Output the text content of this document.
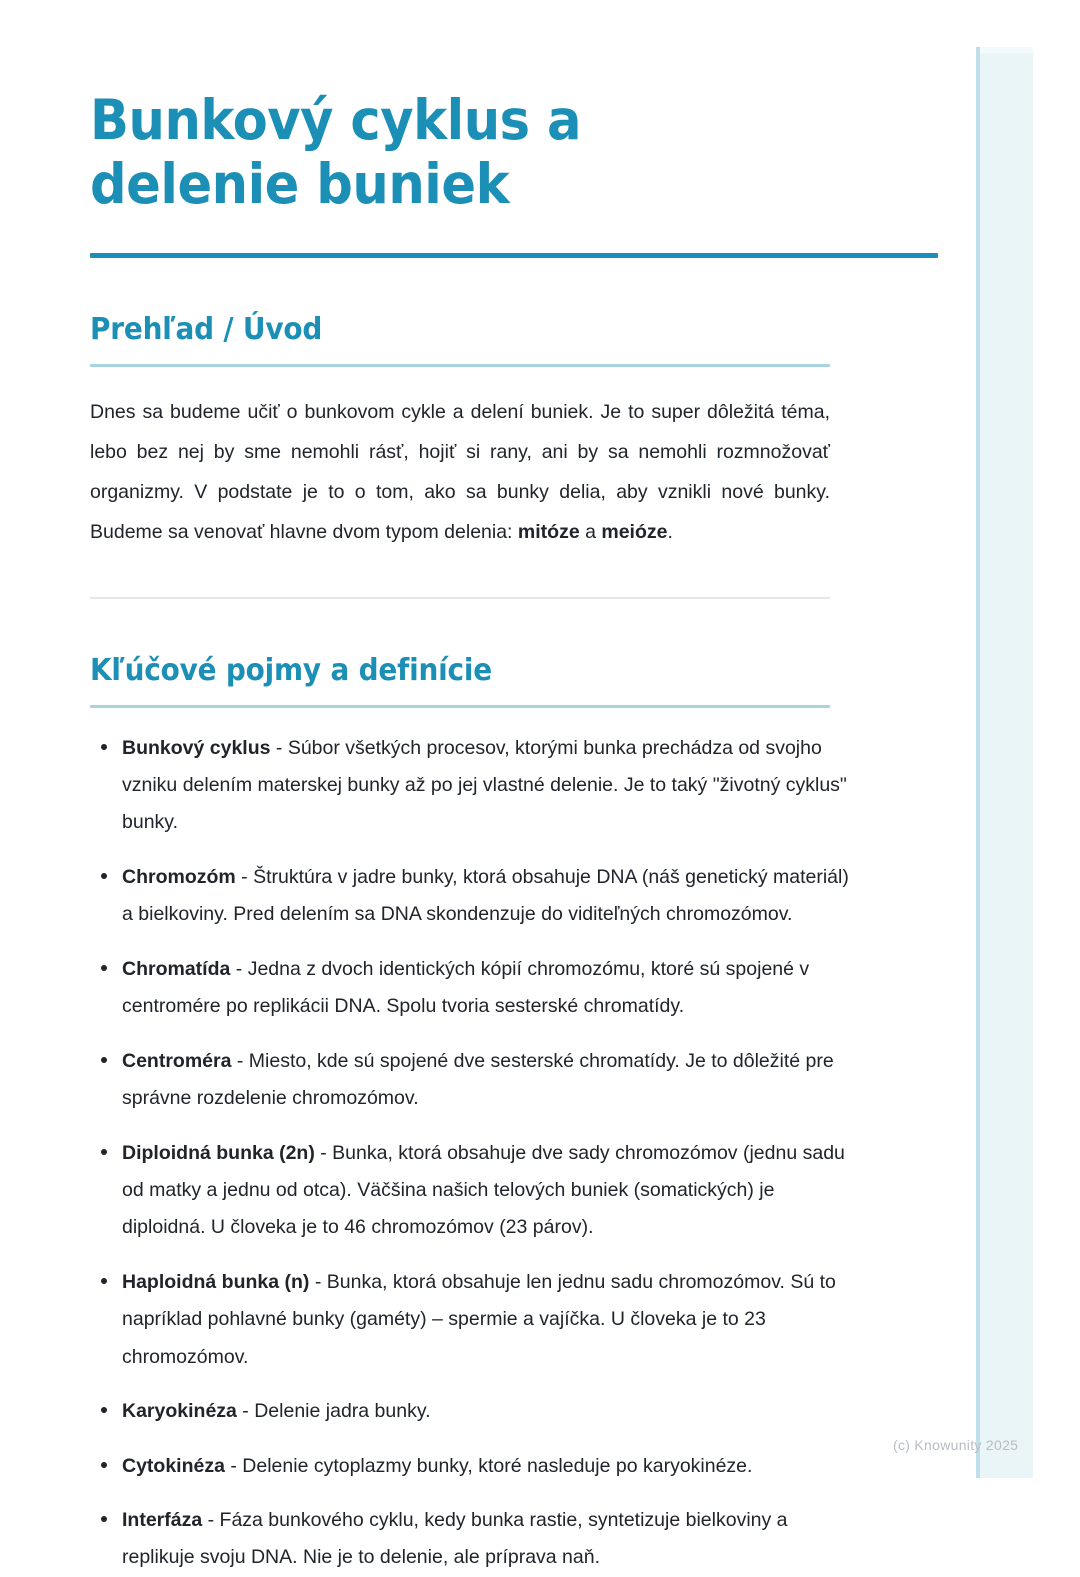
Bunkový cyklus a delenie buniek
Prehľad / Úvod

Dnes sa budeme učiť o bunkovom cykle a delení buniek. Je to super dôležitá téma, lebo bez nej by sme nemohli rásť, hojiť si rany, ani by sa nemohli rozmnožovať organizmy. V podstate je to o tom, ako sa bunky delia, aby vznikli nové bunky. Budeme sa venovať hlavne dvom typom delenia: mitóze a meióze.

Kľúčové pojmy a definície
Bunkový cyklus - Súbor všetkých procesov, ktorými bunka prechádza od svojho vzniku delením materskej bunky až po jej vlastné delenie. Je to taký "životný cyklus" bunky.
Chromozóm - Štruktúra v jadre bunky, ktorá obsahuje DNA (náš genetický materiál) a bielkoviny. Pred delením sa DNA skondenzuje do viditeľných chromozómov.
Chromatída - Jedna z dvoch identických kópií chromozómu, ktoré sú spojené v centromére po replikácii DNA. Spolu tvoria sesterské chromatídy.
Centroméra - Miesto, kde sú spojené dve sesterské chromatídy. Je to dôležité pre správne rozdelenie chromozómov.
Diploidná bunka (2n) - Bunka, ktorá obsahuje dve sady chromozómov (jednu sadu od matky a jednu od otca). Väčšina našich telových buniek (somatických) je diploidná. U človeka je to 46 chromozómov (23 párov).
Haploidná bunka (n) - Bunka, ktorá obsahuje len jednu sadu chromozómov. Sú to napríklad pohlavné bunky (gaméty) – spermie a vajíčka. U človeka je to 23 chromozómov.
Karyokinéza - Delenie jadra bunky.
Cytokinéza - Delenie cytoplazmy bunky, ktoré nasleduje po karyokinéze.
Interfáza - Fáza bunkového cyklu, kedy bunka rastie, syntetizuje bielkoviny a replikuje svoju DNA. Nie je to delenie, ale príprava naň.
(c) Knowunity 2025
